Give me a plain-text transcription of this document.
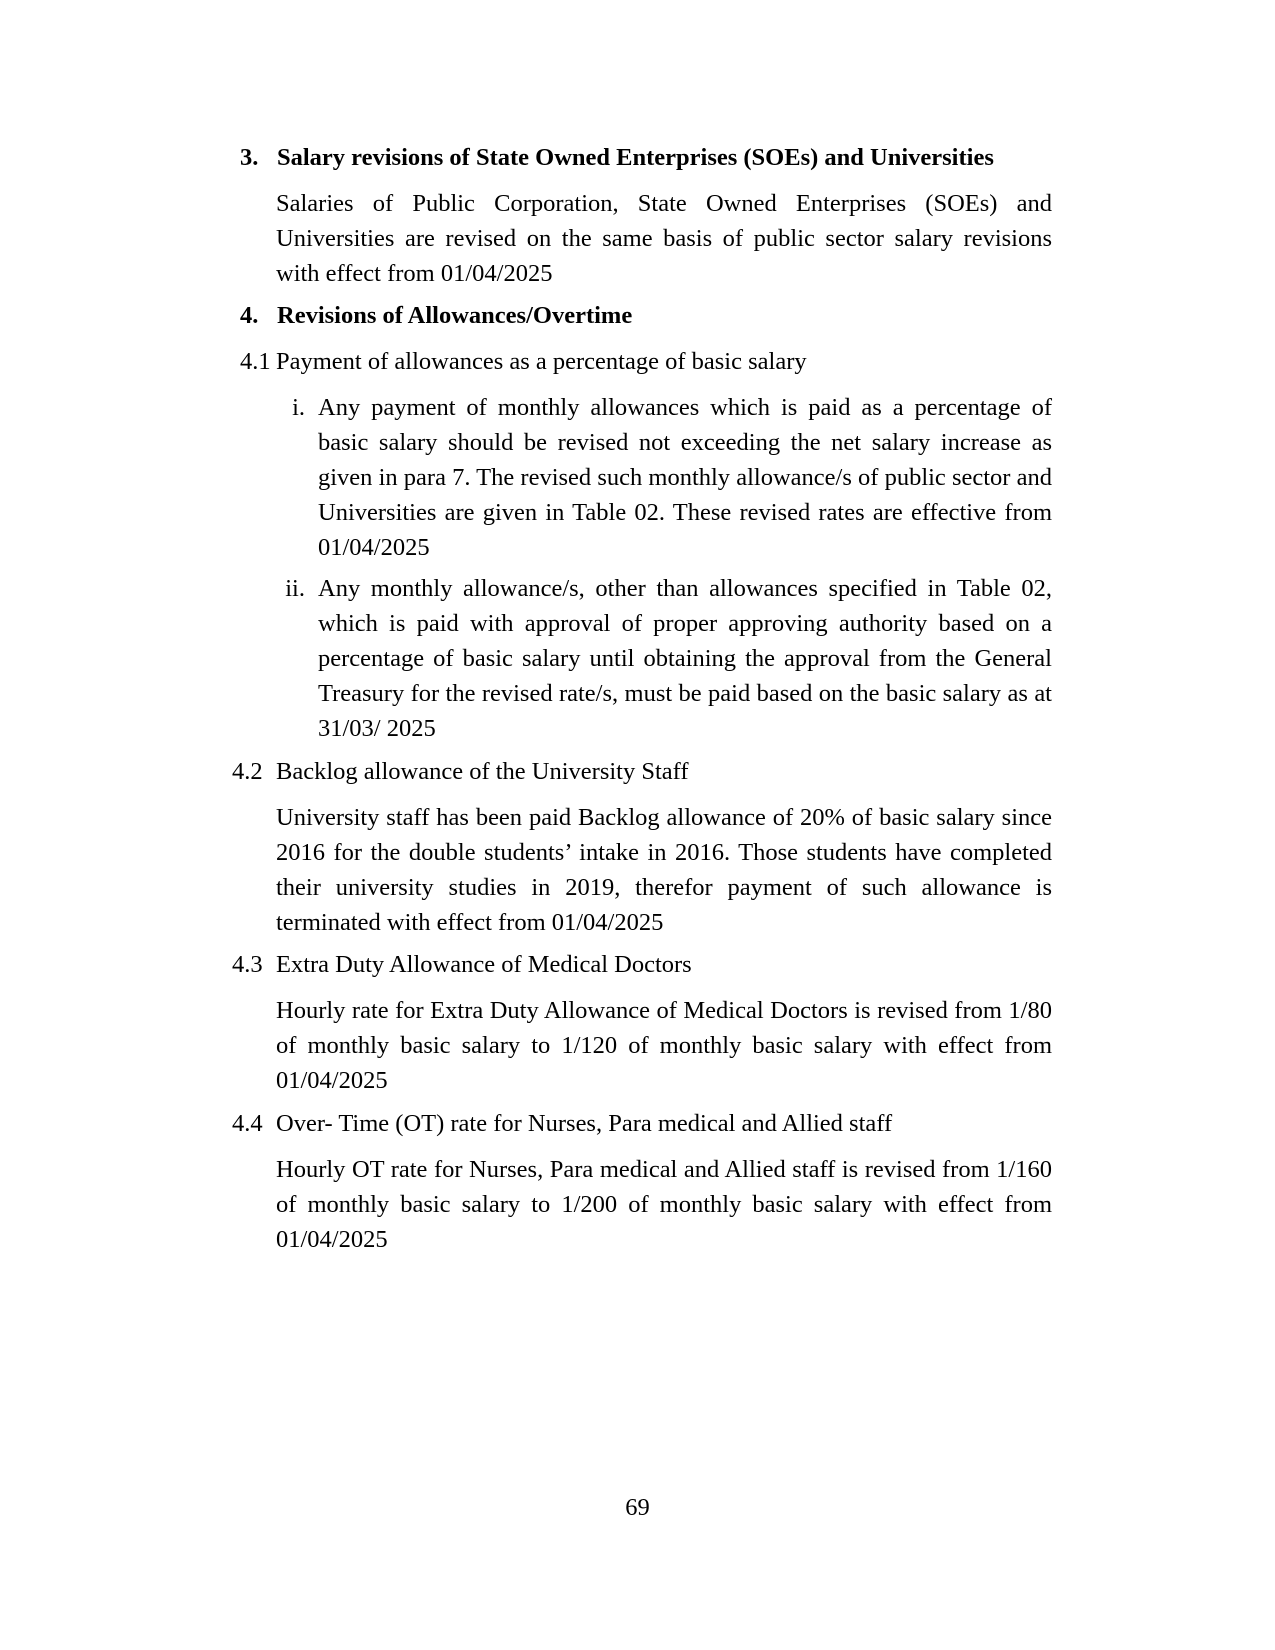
3. Salary revisions of State Owned Enterprises (SOEs) and Universities
Salaries of Public Corporation, State Owned Enterprises (SOEs) and Universities are revised on the same basis of public sector salary revisions with effect from 01/04/2025
4. Revisions of Allowances/Overtime
4.1 Payment of allowances as a percentage of basic salary
i. Any payment of monthly allowances which is paid as a percentage of basic salary should be revised not exceeding the net salary increase as given in para 7. The revised such monthly allowance/s of public sector and Universities are given in Table 02. These revised rates are effective from 01/04/2025
ii. Any monthly allowance/s, other than allowances specified in Table 02, which is paid with approval of proper approving authority based on a percentage of basic salary until obtaining the approval from the General Treasury for the revised rate/s, must be paid based on the basic salary as at 31/03/ 2025
4.2 Backlog allowance of the University Staff
University staff has been paid Backlog allowance of 20% of basic salary since 2016 for the double students’ intake in 2016. Those students have completed their university studies in 2019, therefor payment of such allowance is terminated with effect from 01/04/2025
4.3 Extra Duty Allowance of Medical Doctors
Hourly rate for Extra Duty Allowance of Medical Doctors is revised from 1/80 of monthly basic salary to 1/120 of monthly basic salary with effect from 01/04/2025
4.4 Over- Time (OT) rate for Nurses, Para medical and Allied staff
Hourly OT rate for Nurses, Para medical and Allied staff is revised from 1/160 of monthly basic salary to 1/200 of monthly basic salary with effect from 01/04/2025
69
